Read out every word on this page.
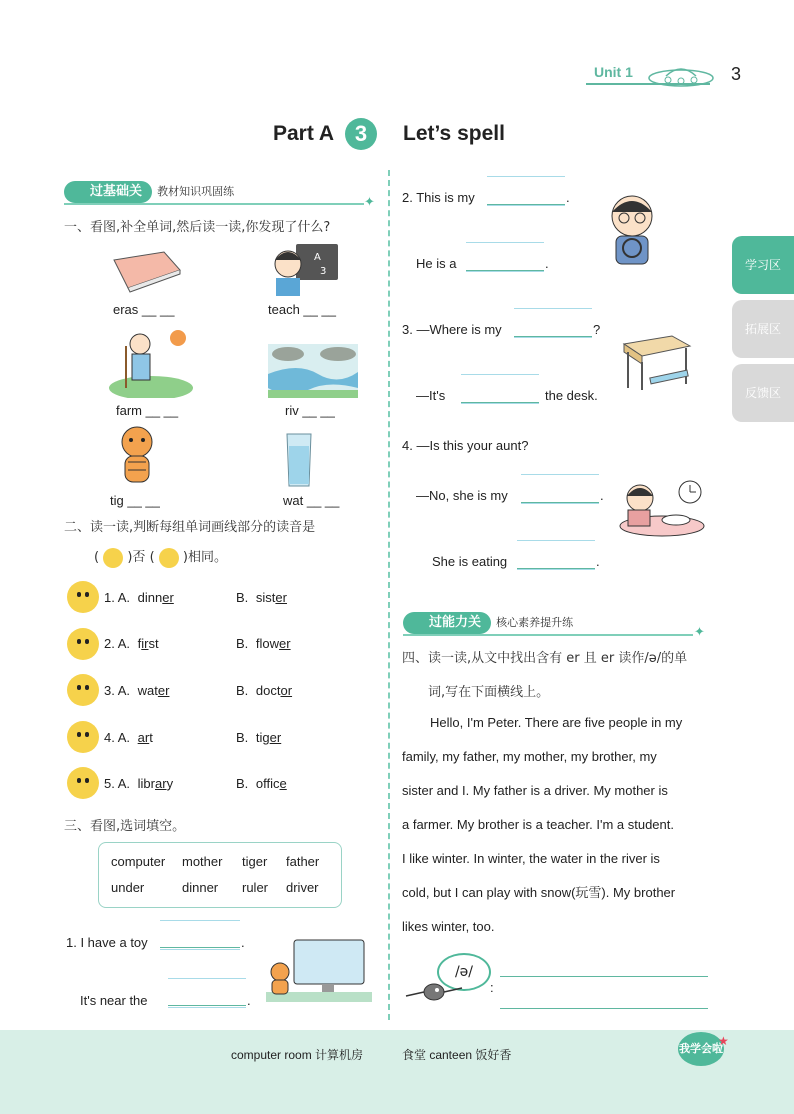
Unit 1	3
Part A 3	Let’s spell
过基础关 教材知识巩固练
✦
一、看图,补全单词,然后读一读,你发现了什么?
eras __ __
A
3
teach __ __
farm __ __	riv __ __
tig __ __	wat __ __
二、读一读,判断每组单词画线部分的读音是
( )否 ( )相同。
1. A. dinner	B. sister
2. A. first	B. flower
3. A. water	B. doctor
4. A. art	B. tiger
5. A. library	B. office
三、看图,选词填空。
computer mother tiger father
under	dinner ruler driver
1. I have a toy	.
It's near the	.
2. This is my	.
He is a	.
3. —Where is my	?
—It's	the desk.
4. —Is this your aunt?
—No, she is my	.
She is eating	.
过能力关 核心素养提升练
✦
四、读一读,从文中找出含有 er 且 er 读作/ə/的单
词,写在下面横线上。
Hello, I'm Peter. There are five people in my
family, my father, my mother, my brother, my
sister and I. My father is a driver. My mother is
a farmer. My brother is a teacher. I'm a student.
I like winter. In winter, the water in the river is
cold, but I can play with snow(玩雪). My brother
likes winter, too.
/ə/
:
学习区
拓展区
反馈区
computer room 计算机房	食堂 canteen 饭好香	我学会啦
★
